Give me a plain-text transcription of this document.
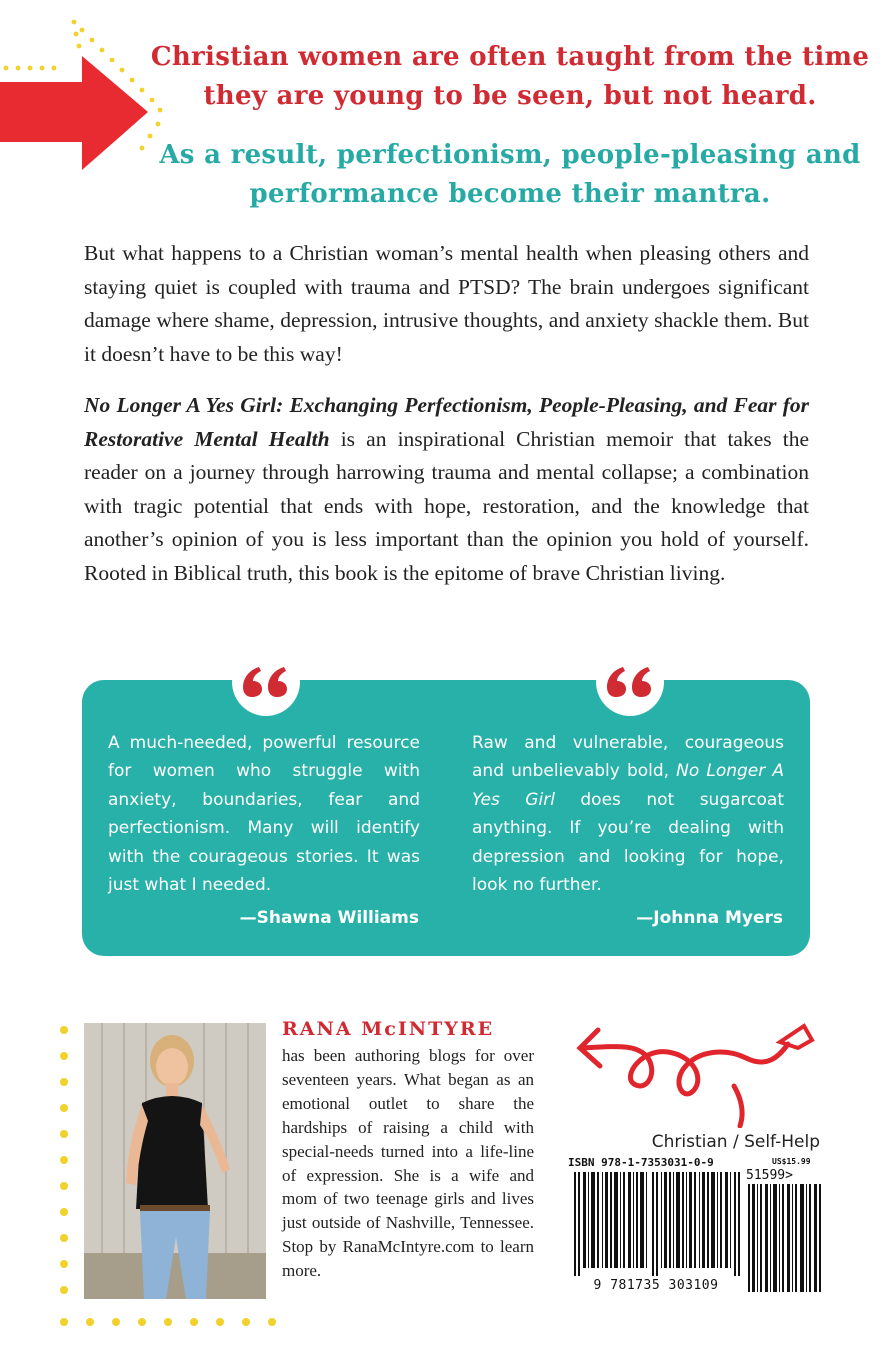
Christian women are often taught from the time they are young to be seen, but not heard.
As a result, perfectionism, people-pleasing and performance become their mantra.
But what happens to a Christian woman’s mental health when pleasing others and staying quiet is coupled with trauma and PTSD? The brain undergoes significant damage where shame, depression, intrusive thoughts, and anxiety shackle them. But it doesn’t have to be this way!
No Longer A Yes Girl: Exchanging Perfectionism, People-Pleasing, and Fear for Restorative Mental Health is an inspirational Christian memoir that takes the reader on a journey through harrowing trauma and mental collapse; a combination with tragic potential that ends with hope, restoration, and the knowledge that another’s opinion of you is less important than the opinion you hold of yourself. Rooted in Biblical truth, this book is the epitome of brave Christian living.
A much-needed, powerful resource for women who struggle with anxiety, boundaries, fear and perfectionism. Many will identify with the courageous stories. It was just what I needed.
—Shawna Williams
Raw and vulnerable, courageous and unbelievably bold, No Longer A Yes Girl does not sugarcoat anything. If you’re dealing with depression and looking for hope, look no further.
—Johnna Myers
RANA McINTYRE
has been authoring blogs for over seventeen years. What began as an emotional outlet to share the hardships of raising a child with special-needs turned into a life-line of expression. She is a wife and mom of two teenage girls and lives just outside of Nashville, Tennessee. Stop by RanaMcIntyre.com to learn more.
Christian / Self-Help
ISBN 978-1-7353031-0-9	US$15.99
51599>
9 781735 303109
